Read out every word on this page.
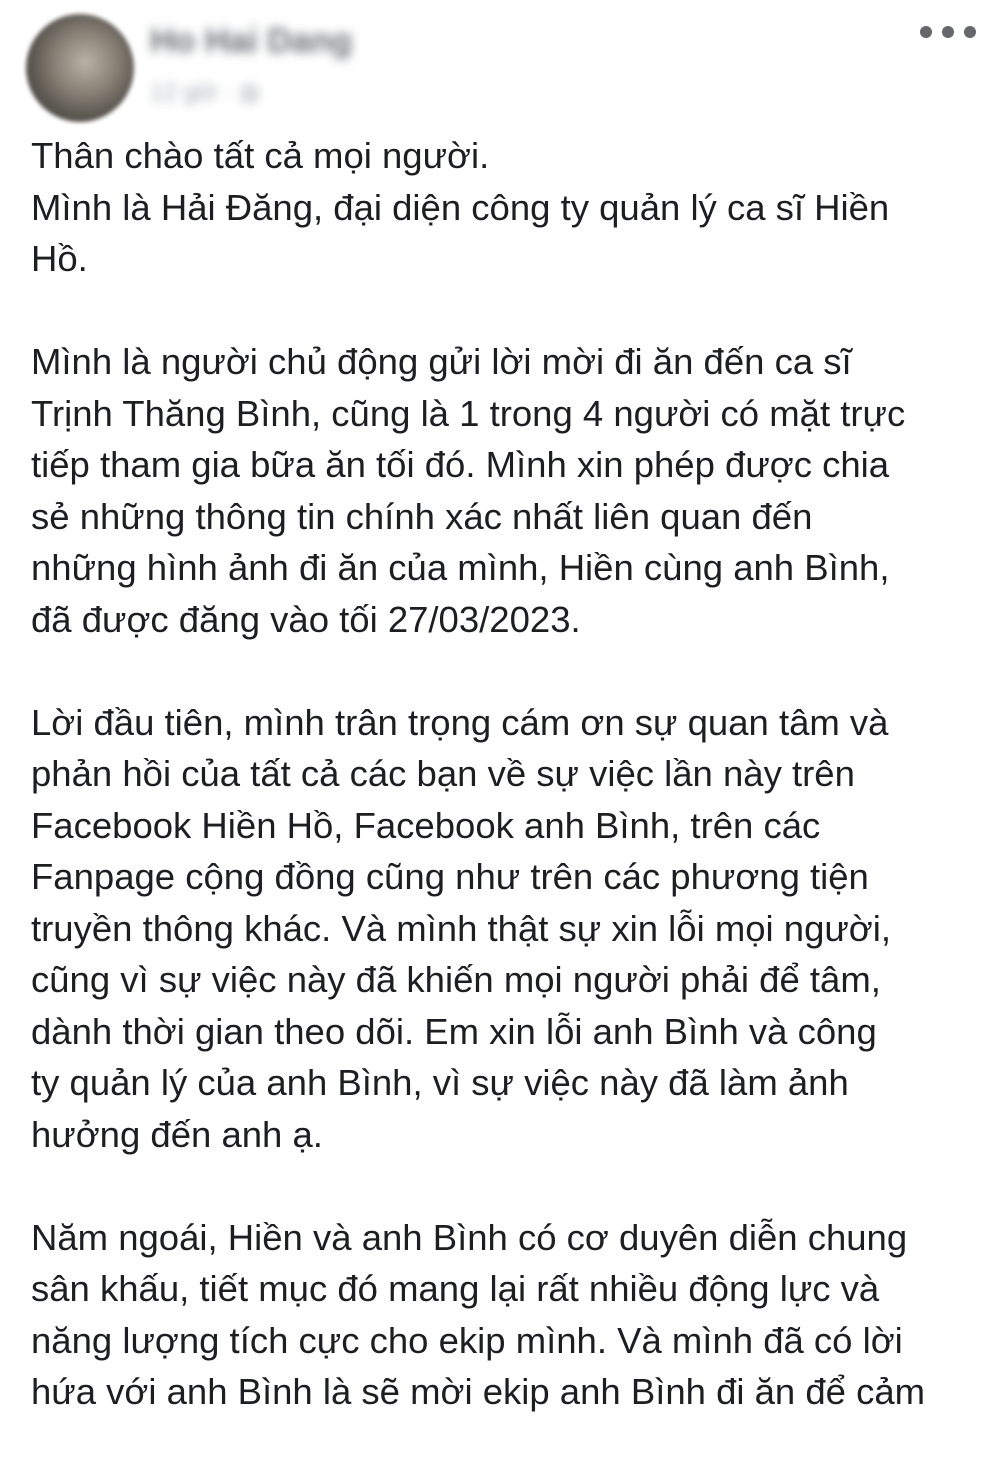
Ho Hai Dang
12 giờ · ◍

Thân chào tất cả mọi người.
Mình là Hải Đăng, đại diện công ty quản lý ca sĩ Hiền
Hồ.

Mình là người chủ động gửi lời mời đi ăn đến ca sĩ
Trịnh Thăng Bình, cũng là 1 trong 4 người có mặt trực
tiếp tham gia bữa ăn tối đó. Mình xin phép được chia
sẻ những thông tin chính xác nhất liên quan đến
những hình ảnh đi ăn của mình, Hiền cùng anh Bình,
đã được đăng vào tối 27/03/2023.

Lời đầu tiên, mình trân trọng cám ơn sự quan tâm và
phản hồi của tất cả các bạn về sự việc lần này trên
Facebook Hiền Hồ, Facebook anh Bình, trên các
Fanpage cộng đồng cũng như trên các phương tiện
truyền thông khác. Và mình thật sự xin lỗi mọi người,
cũng vì sự việc này đã khiến mọi người phải để tâm,
dành thời gian theo dõi. Em xin lỗi anh Bình và công
ty quản lý của anh Bình, vì sự việc này đã làm ảnh
hưởng đến anh ạ.

Năm ngoái, Hiền và anh Bình có cơ duyên diễn chung
sân khấu, tiết mục đó mang lại rất nhiều động lực và
năng lượng tích cực cho ekip mình. Và mình đã có lời
hứa với anh Bình là sẽ mời ekip anh Bình đi ăn để cảm
